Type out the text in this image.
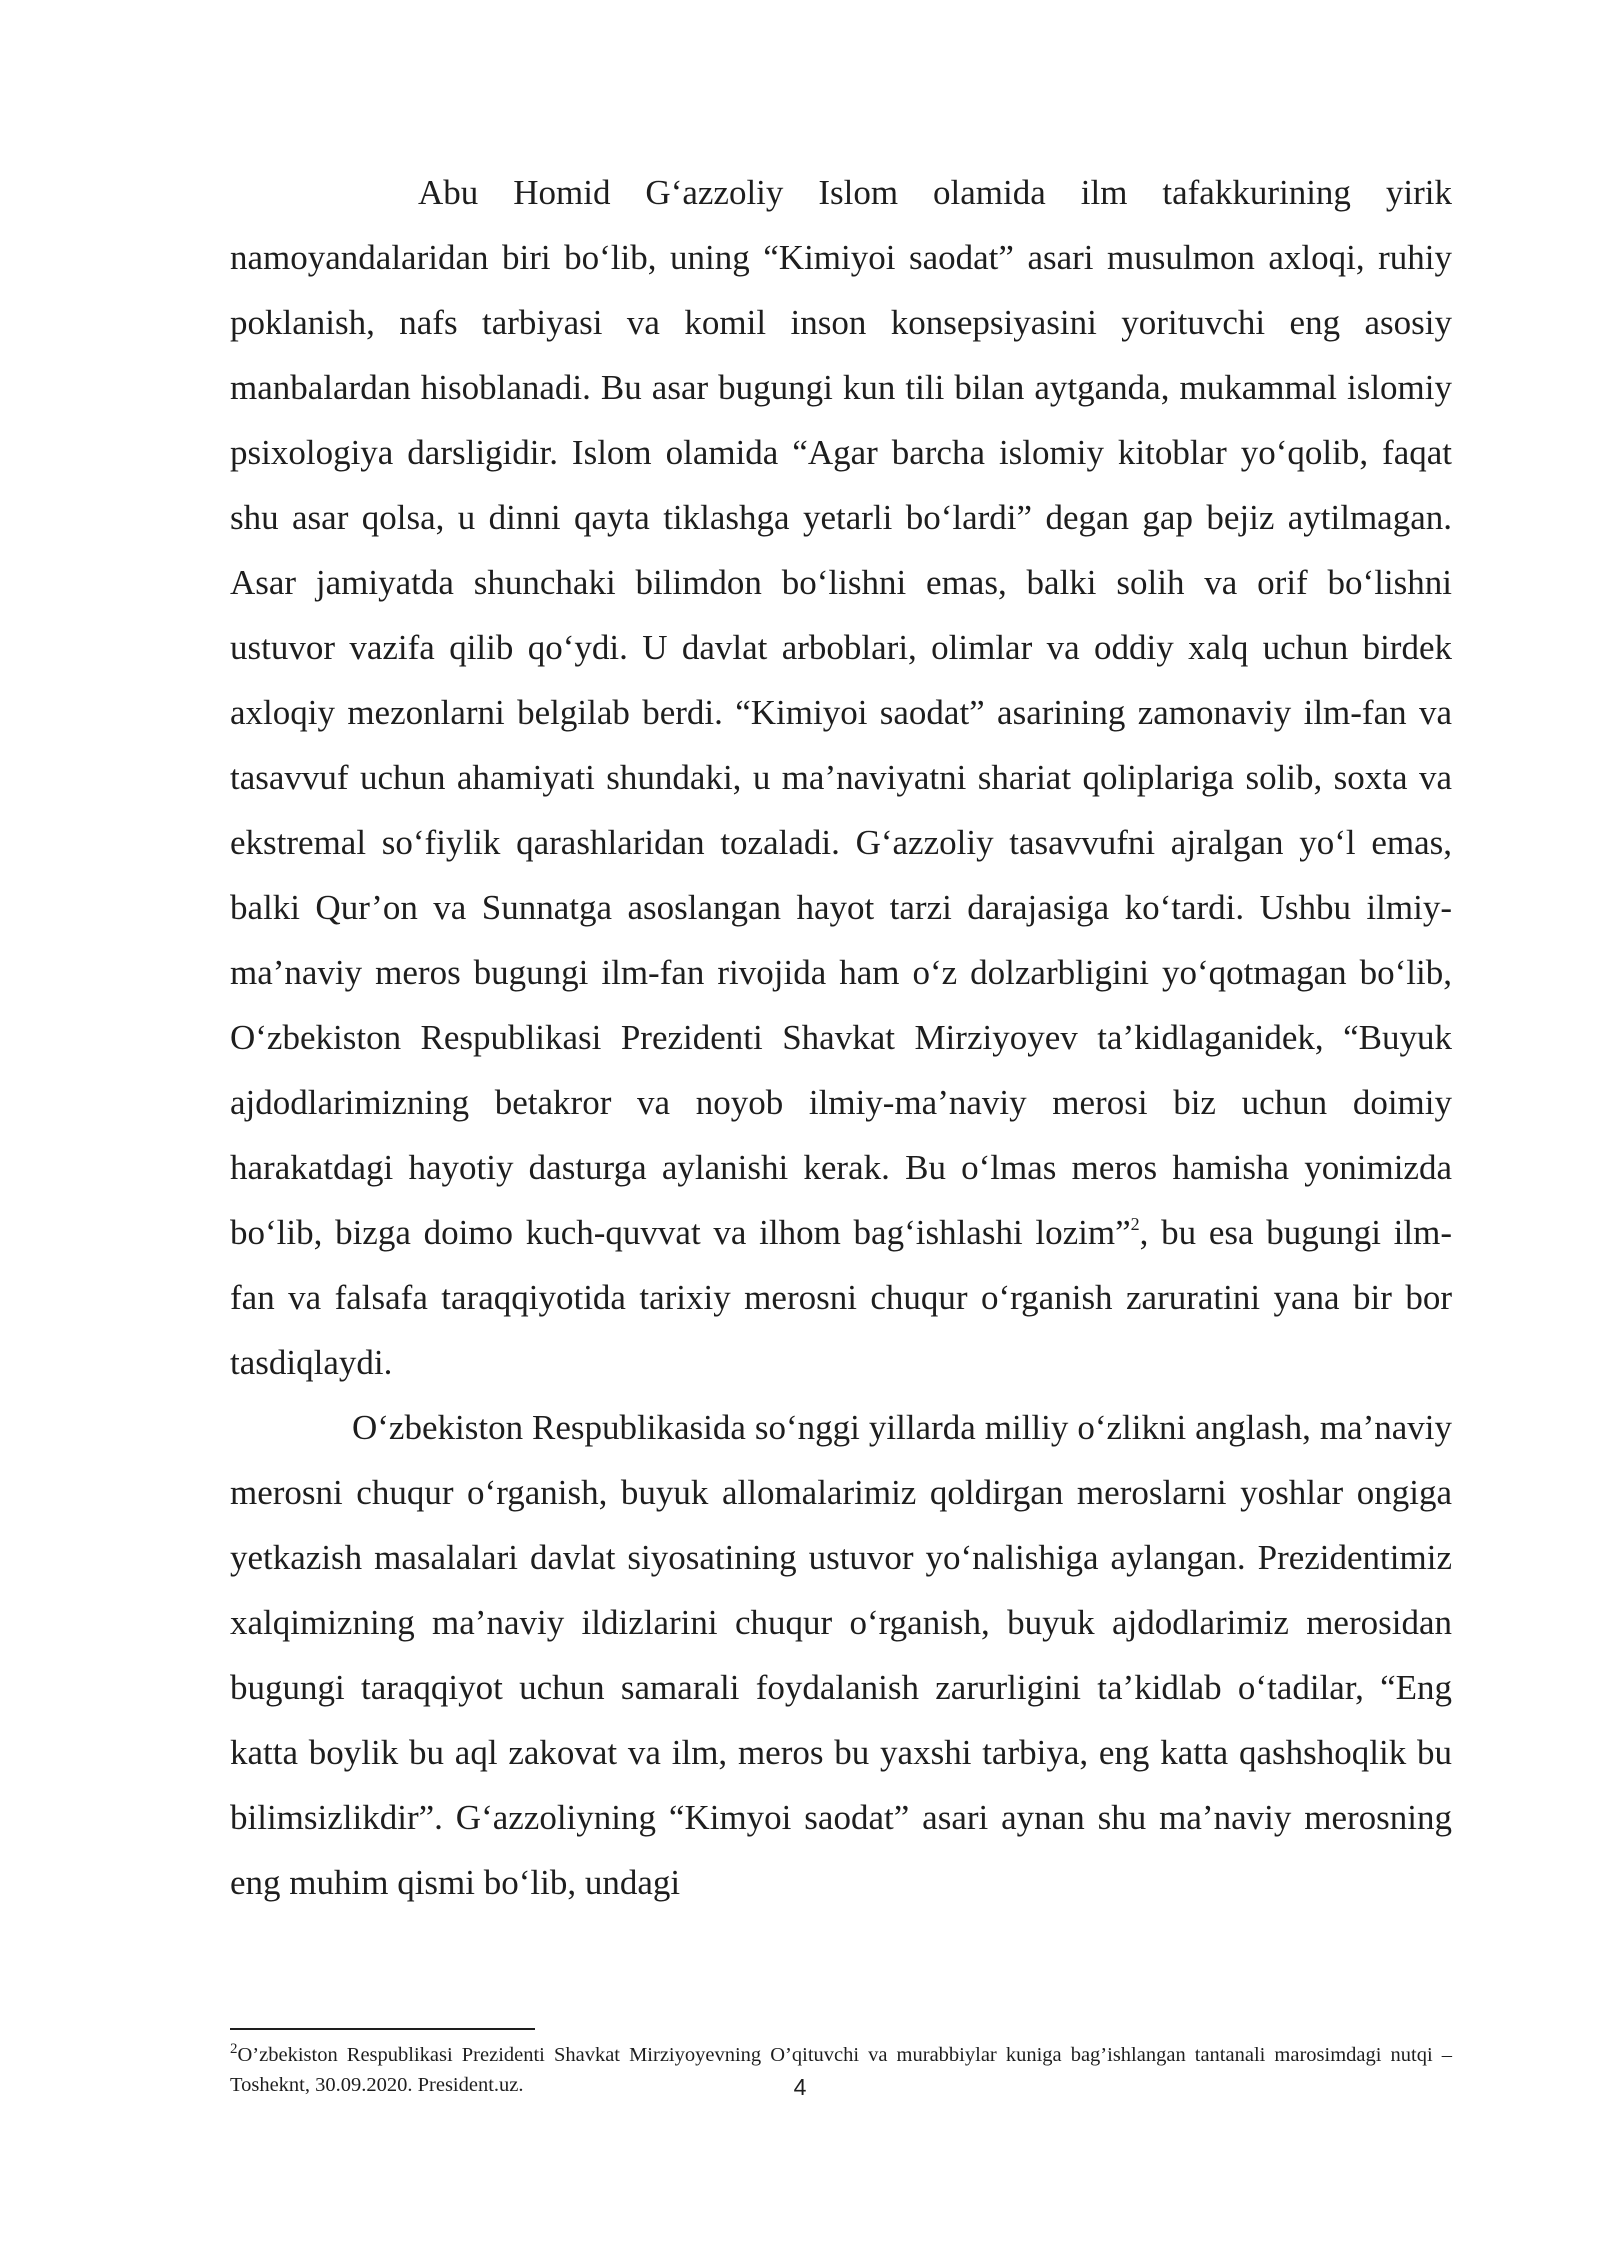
Abu Homid G‘azzoliy Islom olamida ilm tafakkurining yirik namoyandalaridan biri bo‘lib, uning “Kimiyoi saodat” asari musulmon axloqi, ruhiy poklanish, nafs tarbiyasi va komil inson konsepsiyasini yorituvchi eng asosiy manbalardan hisoblanadi. Bu asar bugungi kun tili bilan aytganda, mukammal islomiy psixologiya darsligidir. Islom olamida “Agar barcha islomiy kitoblar yo‘qolib, faqat shu asar qolsa, u dinni qayta tiklashga yetarli bo‘lardi” degan gap bejiz aytilmagan. Asar jamiyatda shunchaki bilimdon bo‘lishni emas, balki solih va orif bo‘lishni ustuvor vazifa qilib qo‘ydi. U davlat arboblari, olimlar va oddiy xalq uchun birdek axloqiy mezonlarni belgilab berdi. “Kimiyoi saodat” asarining zamonaviy ilm-fan va tasavvuf uchun ahamiyati shundaki, u ma’naviyatni shariat qoliplariga solib, soxta va ekstremal so‘fiylik qarashlaridan tozaladi. G‘azzoliy tasavvufni ajralgan yo‘l emas, balki Qur’on va Sunnatga asoslangan hayot tarzi darajasiga ko‘tardi. Ushbu ilmiy-ma’naviy meros bugungi ilm-fan rivojida ham o‘z dolzarbligini yo‘qotmagan bo‘lib, O‘zbekiston Respublikasi Prezidenti Shavkat Mirziyoyev ta’kidlaganidek, “Buyuk ajdodlarimizning betakror va noyob ilmiy-ma’naviy merosi biz uchun doimiy harakatdagi hayotiy dasturga aylanishi kerak. Bu o‘lmas meros hamisha yonimizda bo‘lib, bizga doimo kuch-quvvat va ilhom bag‘ishlashi lozim”$^2$, bu esa bugungi ilm-fan va falsafa taraqqiyotida tarixiy merosni chuqur o‘rganish zaruratini yana bir bor tasdiqlaydi.

O‘zbekiston Respublikasida so‘nggi yillarda milliy o‘zlikni anglash, ma’naviy merosni chuqur o‘rganish, buyuk allomalarimiz qoldirgan meroslarni yoshlar ongiga yetkazish masalalari davlat siyosatining ustuvor yo‘nalishiga aylangan. Prezidentimiz xalqimizning ma’naviy ildizlarini chuqur o‘rganish, buyuk ajdodlarimiz merosidan bugungi taraqqiyot uchun samarali foydalanish zarurligini ta’kidlab o‘tadilar, “Eng katta boylik bu aql zakovat va ilm, meros bu yaxshi tarbiya, eng katta qashshoqlik bu bilimsizlikdir”. G‘azzoliyning “Kimyoi saodat” asari aynan shu ma’naviy merosning eng muhim qismi bo‘lib, undagi

$^2$O’zbekiston Respublikasi Prezidenti Shavkat Mirziyoyevning O’qituvchi va murabbiylar kuniga bag’ishlangan tantanali marosimdagi nutqi – Tosheknt, 30.09.2020. President.uz.	4
